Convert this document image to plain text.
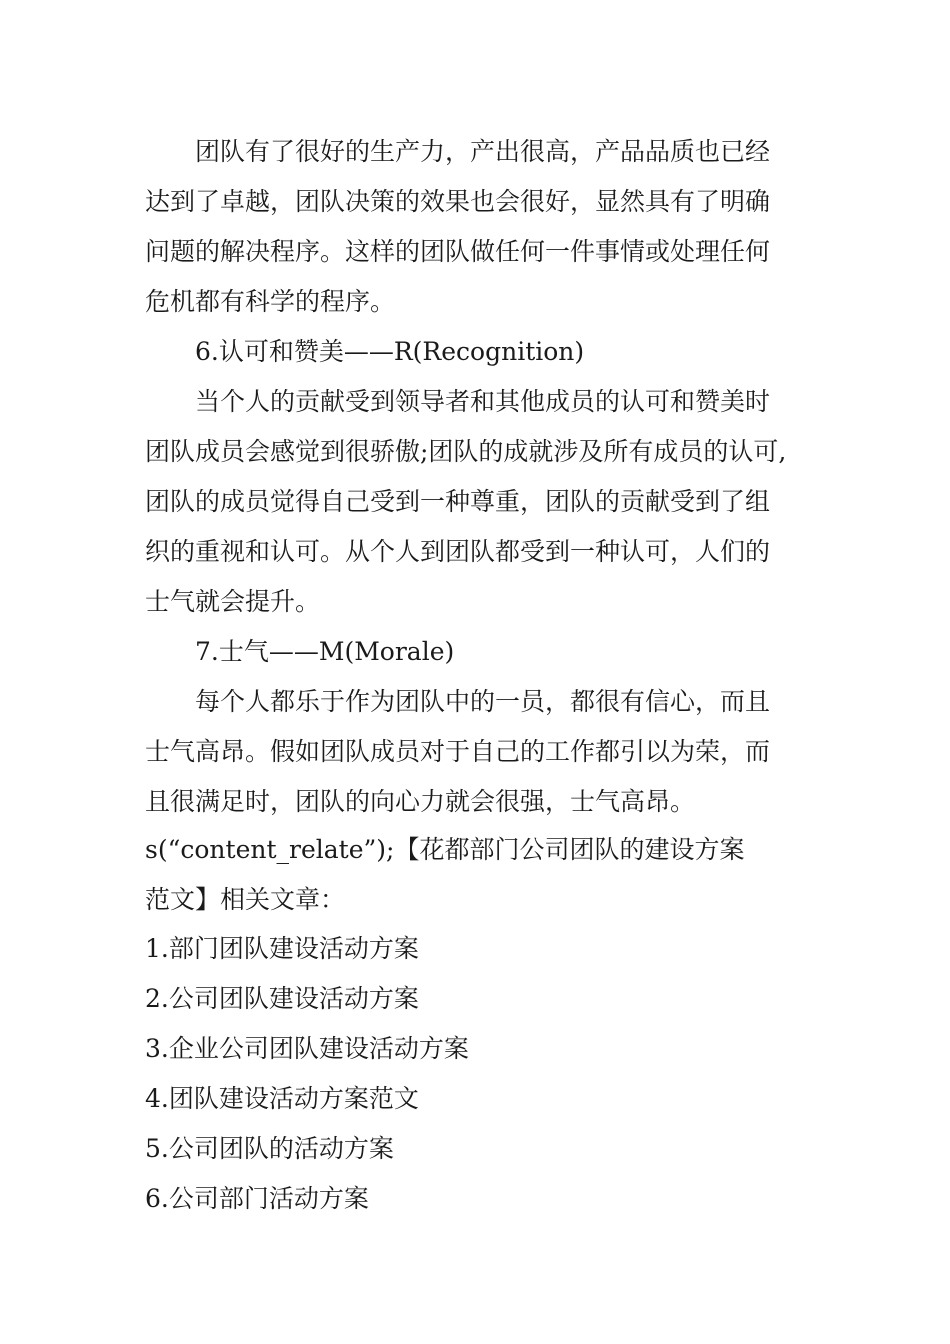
团队有了很好的生产力，产出很高，产品品质也已经
达到了卓越，团队决策的效果也会很好，显然具有了明确
问题的解决程序。这样的团队做任何一件事情或处理任何
危机都有科学的程序。
6.认可和赞美——R(Recognition)
当个人的贡献受到领导者和其他成员的认可和赞美时
团队成员会感觉到很骄傲;团队的成就涉及所有成员的认可,
团队的成员觉得自己受到一种尊重，团队的贡献受到了组
织的重视和认可。从个人到团队都受到一种认可，人们的
士气就会提升。
7.士气——M(Morale)
每个人都乐于作为团队中的一员，都很有信心，而且
士气高昂。假如团队成员对于自己的工作都引以为荣，而
且很满足时，团队的向心力就会很强，士气高昂。
s(“content_relate”);【花都部门公司团队的建设方案
范文】相关文章：
1.部门团队建设活动方案
2.公司团队建设活动方案
3.企业公司团队建设活动方案
4.团队建设活动方案范文
5.公司团队的活动方案
6.公司部门活动方案
